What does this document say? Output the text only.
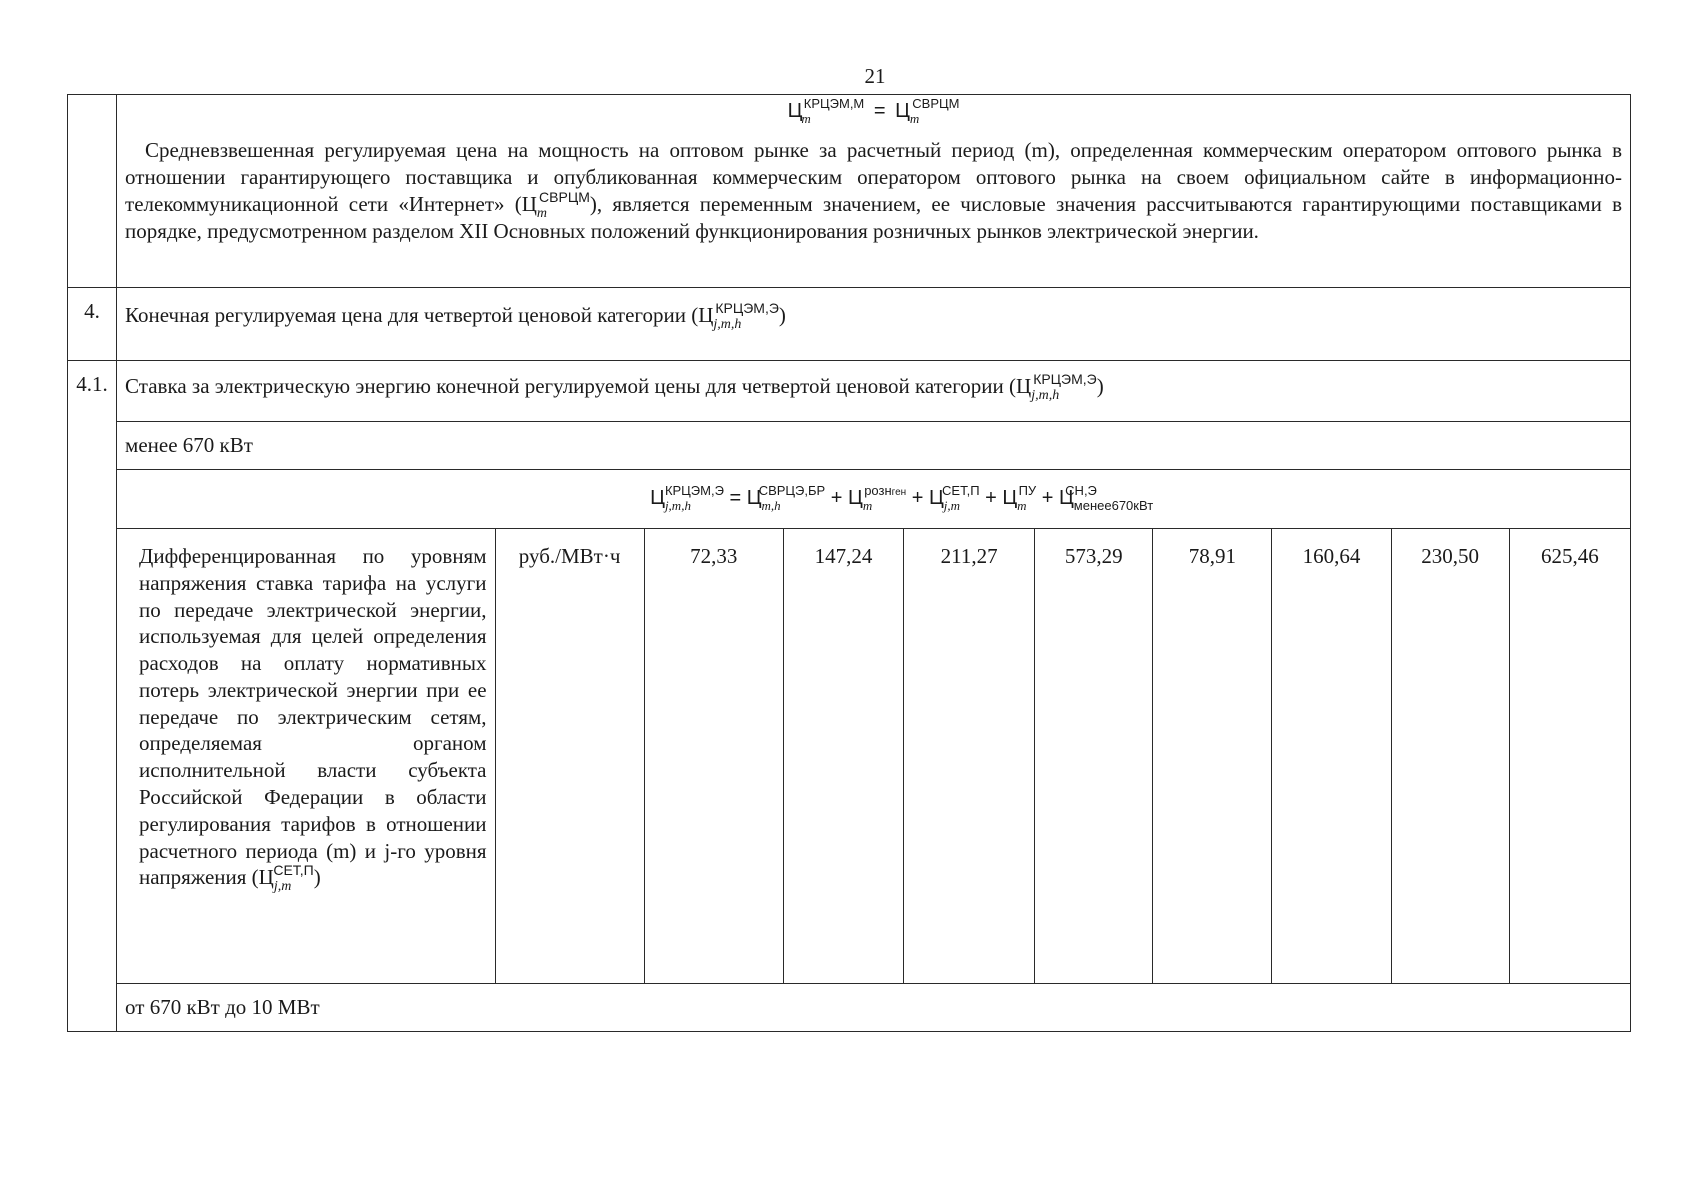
21

	$Ц_m^{КРЦЭМ,М} = Ц_m^{СВРЦМ}$
Средневзвешенная регулируемая цена на мощность на оптовом рынке за расчетный период (m), определенная коммерческим оператором оптового рынка в отношении гарантирующего поставщика и опубликованная коммерческим оператором оптового рынка на своем официальном сайте в информационно-телекоммуникационной сети «Интернет» $(Ц_m^{СВРЦМ})$, является переменным значением, ее числовые значения рассчитываются гарантирующими поставщиками в порядке, предусмотренном разделом XII Основных положений функционирования розничных рынков электрической энергии.									

4.	Конечная регулируемая цена для четвертой ценовой категории $(Ц_{j,m,h}^{КРЦЭМ,Э})$									
4.1.	Ставка за электрическую энергию конечной регулируемой цены для четвертой ценовой категории $(Ц_{j,m,h}^{КРЦЭМ,Э})$									
	менее 670 кВт									
	$Ц_{j,m,h}^{КРЦЭМ,Э} = Ц_{m,h}^{СВРЦЭ,БР} + Ц_m^{рознген} + Ц_{j,m}^{СЕТ,П} + Ц_m^{ПУ} + Ц_{менее670кВт}^{СН,Э}$
	Дифференцированная по уровням напряжения ставка тарифа на услуги по передаче электрической энергии, используемая для целей определения расходов на оплату нормативных потерь электрической энергии при ее передаче по электрическим сетям, определяемая органом исполнительной власти субъекта Российской Федерации в области регулирования тарифов в отношении расчетного периода (m) и j-го уровня напряжения $(Ц_{j,m}^{СЕТ,П})$	руб./МВт·ч	72,33	147,24	211,27	573,29	78,91	160,64	230,50	625,46
	от 670 кВт до 10 МВт									
